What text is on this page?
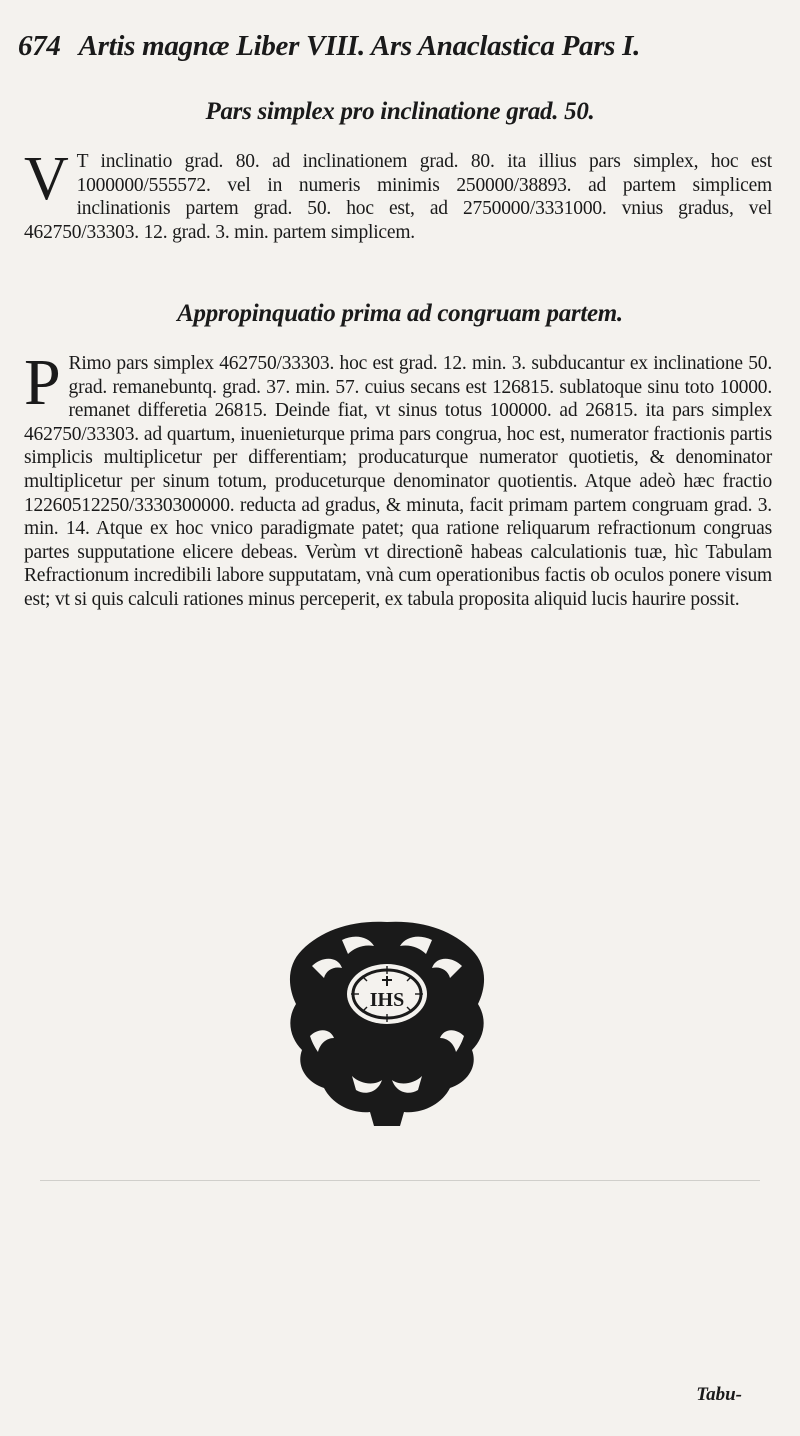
674 Artis magnæ Liber VIII. Ars Anaclastica Pars I.
Pars simplex pro inclinatione grad. 50.
V T inclinatio grad. 80. ad inclinationem grad. 80. ita illius pars simplex, hoc est 1000000/555572. vel in numeris minimis 250000/38893. ad partem simplicem inclinationis partem grad. 50. hoc est, ad 2750000/3331000. vnius gradus, vel 462750/33303. 12. grad. 3. min. partem simplicem.
Appropinquatio prima ad congruam partem.
P Rimo pars simplex 462750/33303. hoc est grad. 12. min. 3. subducantur ex inclinatione 50. grad. remanebuntq. grad. 37. min. 57. cuius secans est 126815. sublatoque sinu toto 10000. remanet differetia 26815. Deinde fiat, vt sinus totus 100000. ad 26815. ita pars simplex 462750/33303. ad quartum, inuenieturque prima pars congrua, hoc est, numerator fractionis partis simplicis multiplicetur per differentiam; producaturque numerator quotietis, & denominator multiplicetur per sinum totum, produceturque denominator quotientis. Atque adeò hæc fractio 12260512250/3330300000. reducta ad gradus, & minuta, facit primam partem congruam grad. 3. min. 14. Atque ex hoc vnico paradigmate patet; qua ratione reliquarum refractionum congruas partes supputatione elicere debeas. Verùm vt directionẽ habeas calculationis tuæ, hìc Tabulam Refractionum incredibili labore supputatam, vnà cum operationibus factis ob oculos ponere visum est; vt si quis calculi rationes minus perceperit, ex tabula proposita aliquid lucis haurire possit.
IHS
Tabu-
